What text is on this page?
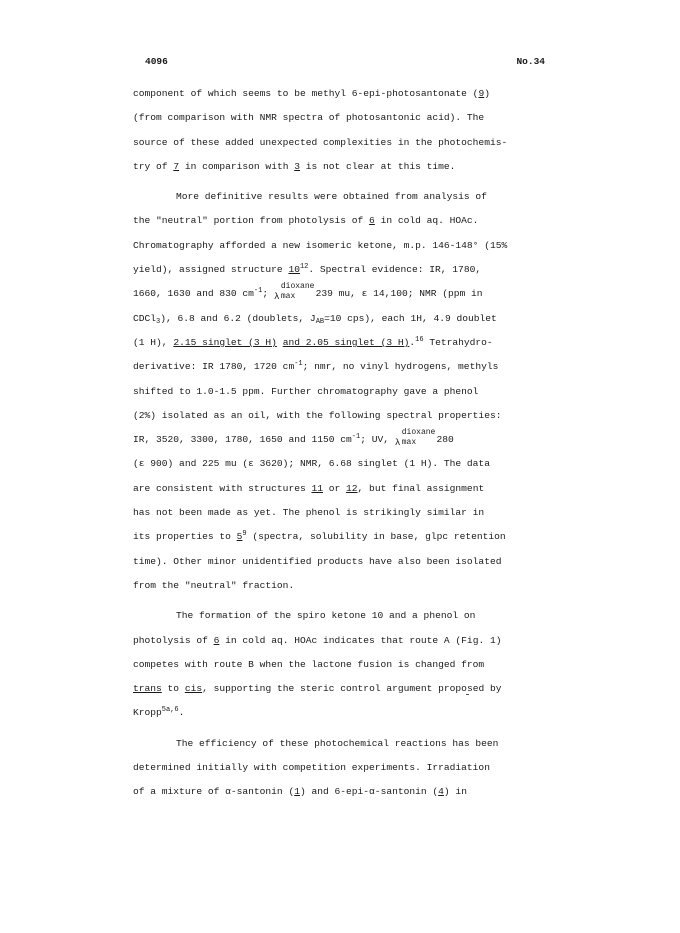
4096	No.34
component of which seems to be methyl 6-epi-photosantonate (9)
(from comparison with NMR spectra of photosantonic acid). The
source of these added unexpected complexities in the photochemis-
try of 7 in comparison with 3 is not clear at this time.
More definitive results were obtained from analysis of
the "neutral" portion from photolysis of 6 in cold aq. HOAc.
Chromatography afforded a new isomeric ketone, m.p. 146-148° (15%
yield), assigned structure $10^{12}$. Spectral evidence: IR, 1780,
1660, 1630 and 830 $cm^{-1}$; λ
dioxane
max 239 mu, ε 14,100; NMR (ppm in
CDCl$_3$), 6.8 and 6.2 (doublets, $J_{AB}=10$ cps), each 1H, 4.9 doublet
(1 H), 2.15 singlet (3 H) and 2.05 singlet (3 H).$^{16}$ Tetrahydro-
derivative: IR 1780, 1720 $cm^{-1}$; nmr, no vinyl hydrogens, methyls
shifted to 1.0-1.5 ppm. Further chromatography gave a phenol
(2%) isolated as an oil, with the following spectral properties:
IR, 3520, 3300, 1780, 1650 and 1150 $cm^{-1}$; UV, λ
dioxane
max 280
(ε 900) and 225 mu (ε 3620); NMR, 6.68 singlet (1 H). The data
are consistent with structures 11 or 12, but final assignment
has not been made as yet. The phenol is strikingly similar in
its properties to $5^9$ (spectra, solubility in base, glpc retention
time). Other minor unidentified products have also been isolated
from the "neutral" fraction.
The formation of the spiro ketone 10 and a phenol on
photolysis of 6 in cold aq. HOAc indicates that route A (Fig. 1)
competes with route B when the lactone fusion is changed from
trans to cis, supporting the steric control argument proposed by
Kropp$^{5a,6}$.
The efficiency of these photochemical reactions has been
determined initially with competition experiments. Irradiation
of a mixture of α-santonin (1) and 6-epi-α-santonin (4) in
